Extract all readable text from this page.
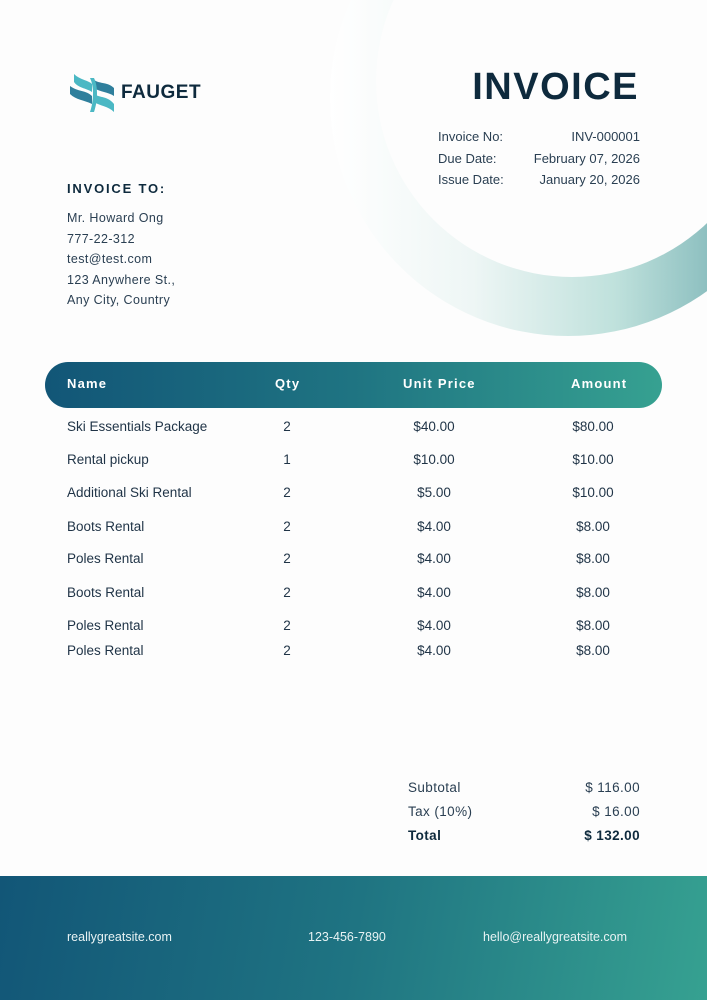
FAUGET	INVOICE
Invoice No:	INV-000001
Due Date:	February 07, 2026
Issue Date:	January 20, 2026
INVOICE TO:
Mr. Howard Ong
777-22-312
test@test.com
123 Anywhere St.,
Any City, Country
Name	Qty	Unit Price	Amount
Ski Essentials Package	2	$40.00	$80.00
Rental pickup	1	$10.00	$10.00
Additional Ski Rental	2	$5.00	$10.00
Boots Rental	2	$4.00	$8.00
Poles Rental	2	$4.00	$8.00
Boots Rental	2	$4.00	$8.00
Poles Rental	2	$4.00	$8.00
Poles Rental	2	$4.00	$8.00
Subtotal	$ 116.00
Tax (10%)	$ 16.00
Total	$ 132.00
reallygreatsite.com	123-456-7890	hello@reallygreatsite.com
